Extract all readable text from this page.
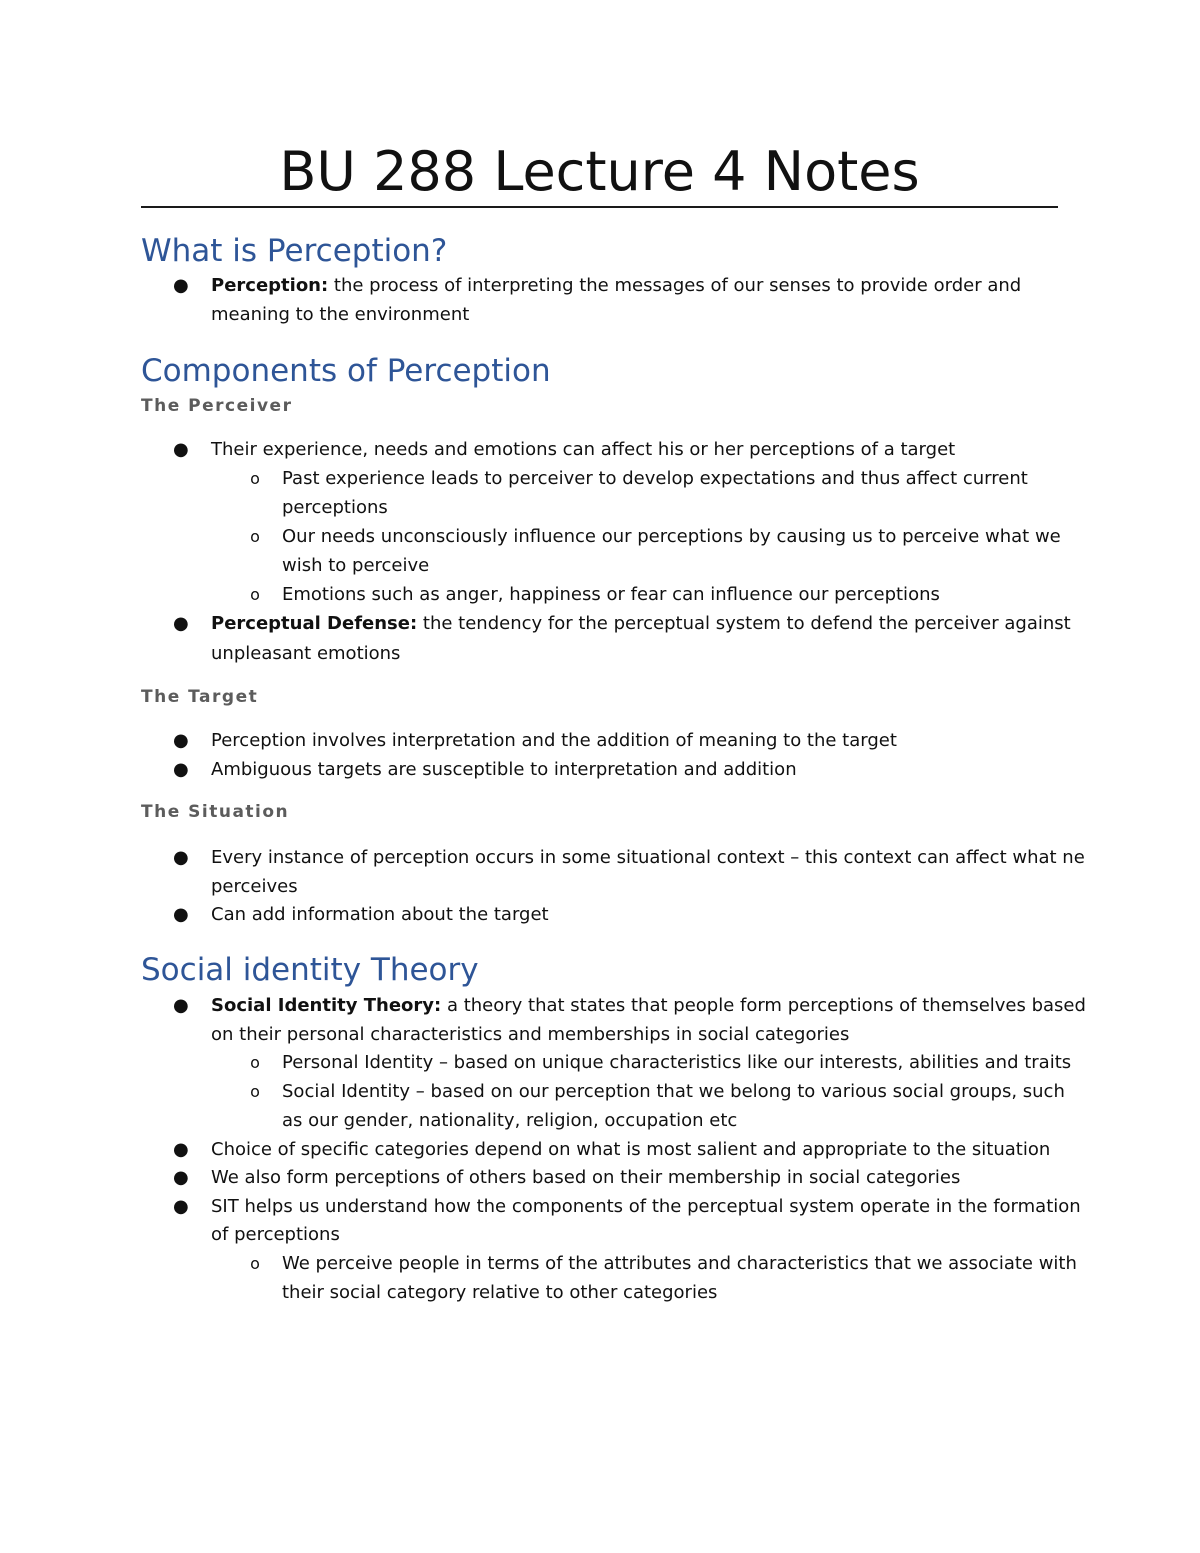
BU 288 Lecture 4 Notes
What is Perception?
● Perception: the process of interpreting the messages of our senses to provide order and
meaning to the environment
Components of Perception
The Perceiver
● Their experience, needs and emotions can affect his or her perceptions of a target
o Past experience leads to perceiver to develop expectations and thus affect current
perceptions
o Our needs unconsciously influence our perceptions by causing us to perceive what we
wish to perceive
o Emotions such as anger, happiness or fear can influence our perceptions
● Perceptual Defense: the tendency for the perceptual system to defend the perceiver against
unpleasant emotions
The Target
● Perception involves interpretation and the addition of meaning to the target
● Ambiguous targets are susceptible to interpretation and addition
The Situation
● Every instance of perception occurs in some situational context – this context can affect what ne
perceives
● Can add information about the target
Social identity Theory
● Social Identity Theory: a theory that states that people form perceptions of themselves based
on their personal characteristics and memberships in social categories
o Personal Identity – based on unique characteristics like our interests, abilities and traits
o Social Identity – based on our perception that we belong to various social groups, such
as our gender, nationality, religion, occupation etc
● Choice of specific categories depend on what is most salient and appropriate to the situation
● We also form perceptions of others based on their membership in social categories
● SIT helps us understand how the components of the perceptual system operate in the formation
of perceptions
o We perceive people in terms of the attributes and characteristics that we associate with
their social category relative to other categories
